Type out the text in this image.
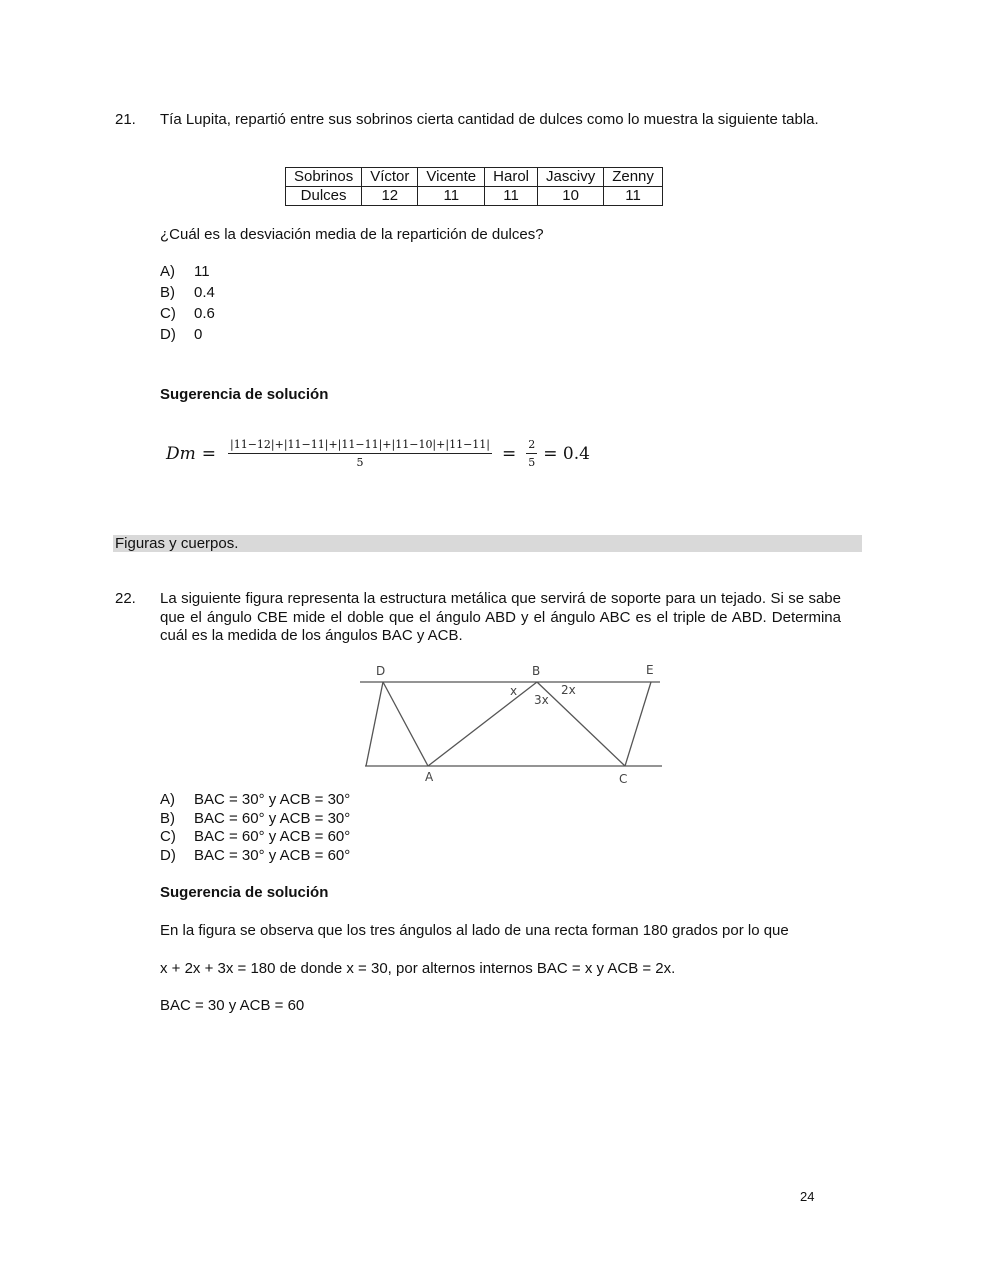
21. Tía Lupita, repartió entre sus sobrinos cierta cantidad de dulces como lo muestra la siguiente tabla.
Sobrinos	Víctor	Vicente	Harol	Jascivy	Zenny
Dulces	12	11	11	10	11
¿Cuál es la desviación media de la repartición de dulces?
A) 11
B) 0.4
C) 0.6
D) 0
Sugerencia de solución
$Dm = \frac{|11-12|+|11-11|+|11-11|+|11-10|+|11-11|}{5} = \frac{2}{5} = 0.4$
Figuras y cuerpos.
22. La siguiente figura representa la estructura metálica que servirá de soporte para un tejado. Si se sabe que el ángulo CBE mide el doble que el ángulo ABD y el ángulo ABC es el triple de ABD. Determina cuál es la medida de los ángulos BAC y ACB.
D	B	E
A	C
x	2x
3x
A) BAC = 30° y ACB = 30°
B) BAC = 60° y ACB = 30°
C) BAC = 60° y ACB = 60°
D) BAC = 30° y ACB = 60°
Sugerencia de solución
En la figura se observa que los tres ángulos al lado de una recta forman 180 grados por lo que
x + 2x + 3x = 180 de donde x = 30, por alternos internos BAC = x y ACB = 2x.
BAC = 30 y ACB = 60
24
